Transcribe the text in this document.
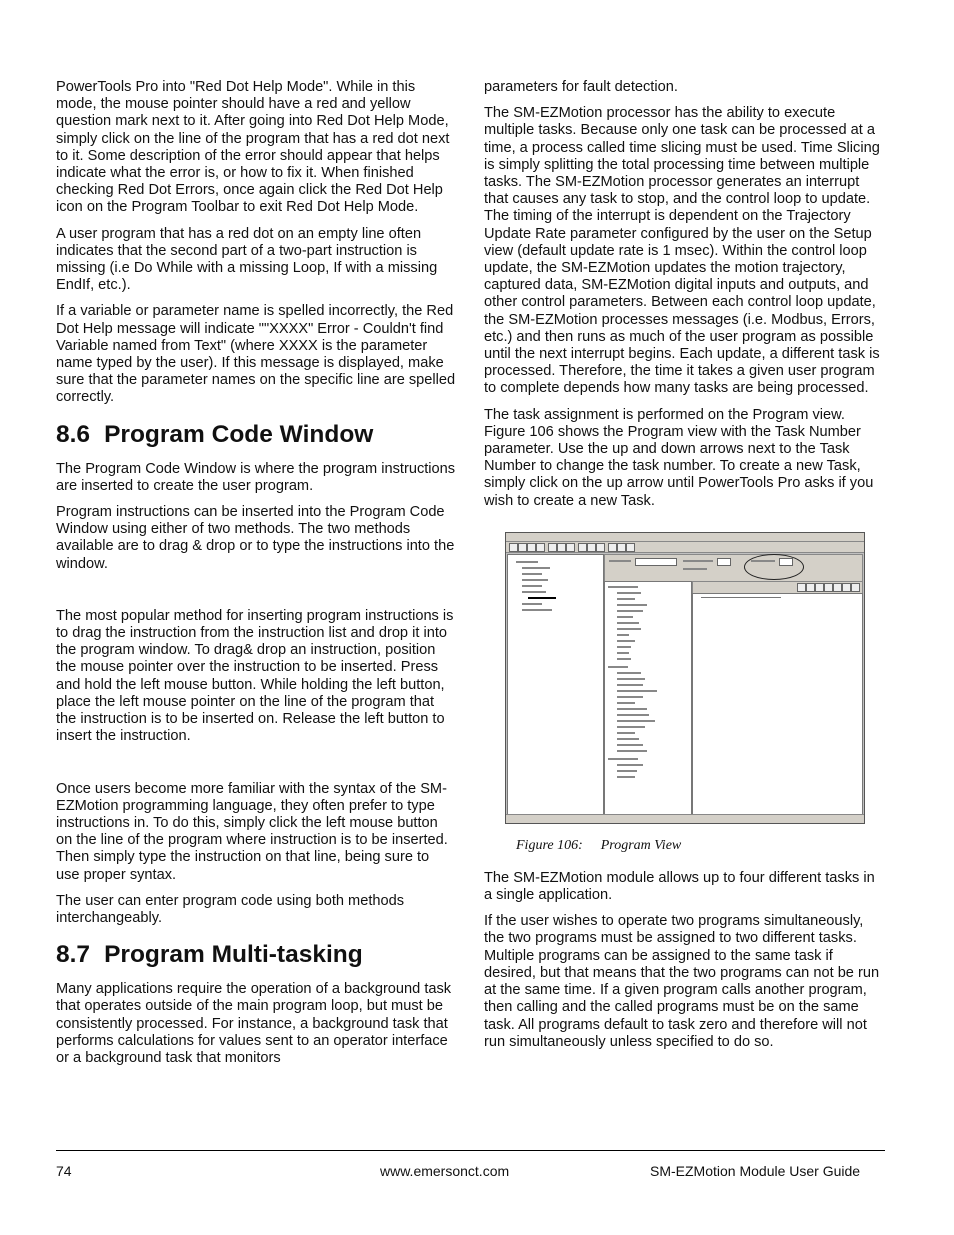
PowerTools Pro into "Red Dot Help Mode". While in this mode, the mouse pointer should have a red and yellow question mark next to it. After going into Red Dot Help Mode, simply click on the line of the program that has a red dot next to it. Some description of the error should appear that helps indicate what the error is, or how to fix it. When finished checking Red Dot Errors, once again click the Red Dot Help icon on the Program Toolbar to exit Red Dot Help Mode.

A user program that has a red dot on an empty line often indicates that the second part of a two-part instruction is missing (i.e Do While with a missing Loop, If with a missing EndIf, etc.).

If a variable or parameter name is spelled incorrectly, the Red Dot Help message will indicate ""XXXX" Error - Couldn't find Variable named from Text" (where XXXX is the parameter name typed by the user). If this message is displayed, make sure that the parameter names on the specific line are spelled correctly.

8.6 Program Code Window

The Program Code Window is where the program instructions are inserted to create the user program.

Program instructions can be inserted into the Program Code Window using either of two methods. The two methods available are to drag & drop or to type the instructions into the window.

The most popular method for inserting program instructions is to drag the instruction from the instruction list and drop it into the program window. To drag& drop an instruction, position the mouse pointer over the instruction to be inserted. Press and hold the left mouse button. While holding the left button, place the left mouse pointer on the line of the program that the instruction is to be inserted on. Release the left button to insert the instruction.

Once users become more familiar with the syntax of the SM-EZMotion programming language, they often prefer to type instructions in. To do this, simply click the left mouse button on the line of the program where instruction is to be inserted. Then simply type the instruction on that line, being sure to use proper syntax.

The user can enter program code using both methods interchangeably.

8.7 Program Multi-tasking

Many applications require the operation of a background task that operates outside of the main program loop, but must be consistently processed. For instance, a background task that performs calculations for values sent to an operator interface or a background task that monitors

parameters for fault detection.

The SM-EZMotion processor has the ability to execute multiple tasks. Because only one task can be processed at a time, a process called time slicing must be used. Time Slicing is simply splitting the total processing time between multiple tasks. The SM-EZMotion processor generates an interrupt that causes any task to stop, and the control loop to update. The timing of the interrupt is dependent on the Trajectory Update Rate parameter configured by the user on the Setup view (default update rate is 1 msec). Within the control loop update, the SM-EZMotion updates the motion trajectory, captured data, SM-EZMotion digital inputs and outputs, and other control parameters. Between each control loop update, the SM-EZMotion processes messages (i.e. Modbus, Errors, etc.) and then runs as much of the user program as possible until the next interrupt begins. Each update, a different task is processed. Therefore, the time it takes a given user program to complete depends how many tasks are being processed.

The task assignment is performed on the Program view. Figure 106 shows the Program view with the Task Number parameter. Use the up and down arrows next to the Task Number to change the task number. To create a new Task, simply click on the up arrow until PowerTools Pro asks if you wish to create a new Task.

Figure 106: Program View

The SM-EZMotion module allows up to four different tasks in a single application.

If the user wishes to operate two programs simultaneously, the two programs must be assigned to two different tasks. Multiple programs can be assigned to the same task if desired, but that means that the two programs can not be run at the same time. If a given program calls another program, then calling and the called programs must be on the same task. All programs default to task zero and therefore will not run simultaneously unless specified to do so.

74	www.emersonct.com	SM-EZMotion Module User Guide
